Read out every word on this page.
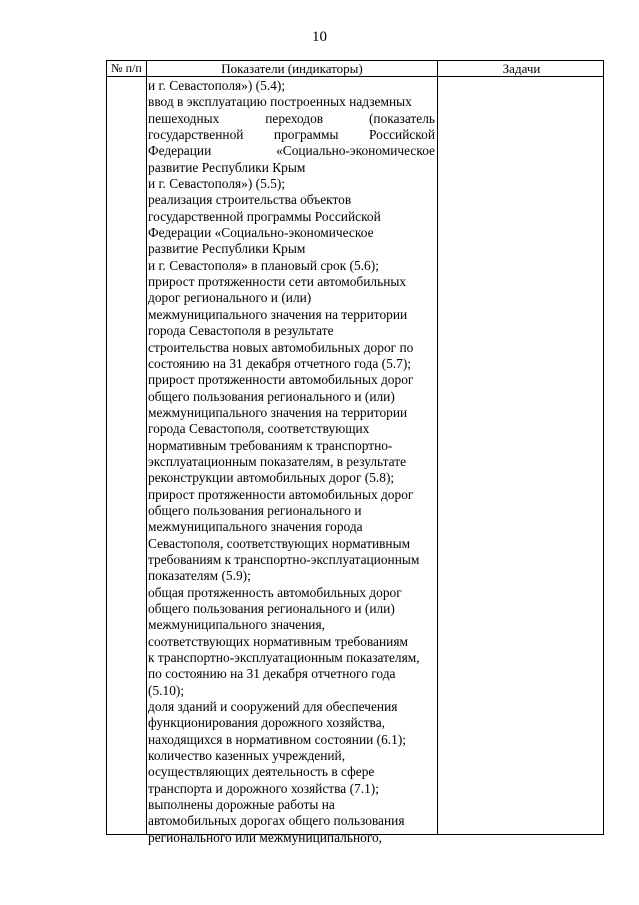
10
№ п/п	Показатели (индикаторы)	Задачи
и г. Севастополя») (5.4);
ввод в эксплуатацию построенных надземных
пешеходных переходов (показатель
государственной программы Российской
Федерации «Социально-экономическое
развитие Республики Крым
и г. Севастополя») (5.5);
реализация строительства объектов
государственной программы Российской
Федерации «Социально-экономическое
развитие Республики Крым
и г. Севастополя» в плановый срок (5.6);
прирост протяженности сети автомобильных
дорог регионального и (или)
межмуниципального значения на территории
города Севастополя в результате
строительства новых автомобильных дорог по
состоянию на 31 декабря отчетного года (5.7);
прирост протяженности автомобильных дорог
общего пользования регионального и (или)
межмуниципального значения на территории
города Севастополя, соответствующих
нормативным требованиям к транспортно-
эксплуатационным показателям, в результате
реконструкции автомобильных дорог (5.8);
прирост протяженности автомобильных дорог
общего пользования регионального и
межмуниципального значения города
Севастополя, соответствующих нормативным
требованиям к транспортно-эксплуатационным
показателям (5.9);
общая протяженность автомобильных дорог
общего пользования регионального и (или)
межмуниципального значения,
соответствующих нормативным требованиям
к транспортно-эксплуатационным показателям,
по состоянию на 31 декабря отчетного года
(5.10);
доля зданий и сооружений для обеспечения
функционирования дорожного хозяйства,
находящихся в нормативном состоянии (6.1);
количество казенных учреждений,
осуществляющих деятельность в сфере
транспорта и дорожного хозяйства (7.1);
выполнены дорожные работы на
автомобильных дорогах общего пользования
регионального или межмуниципального,
